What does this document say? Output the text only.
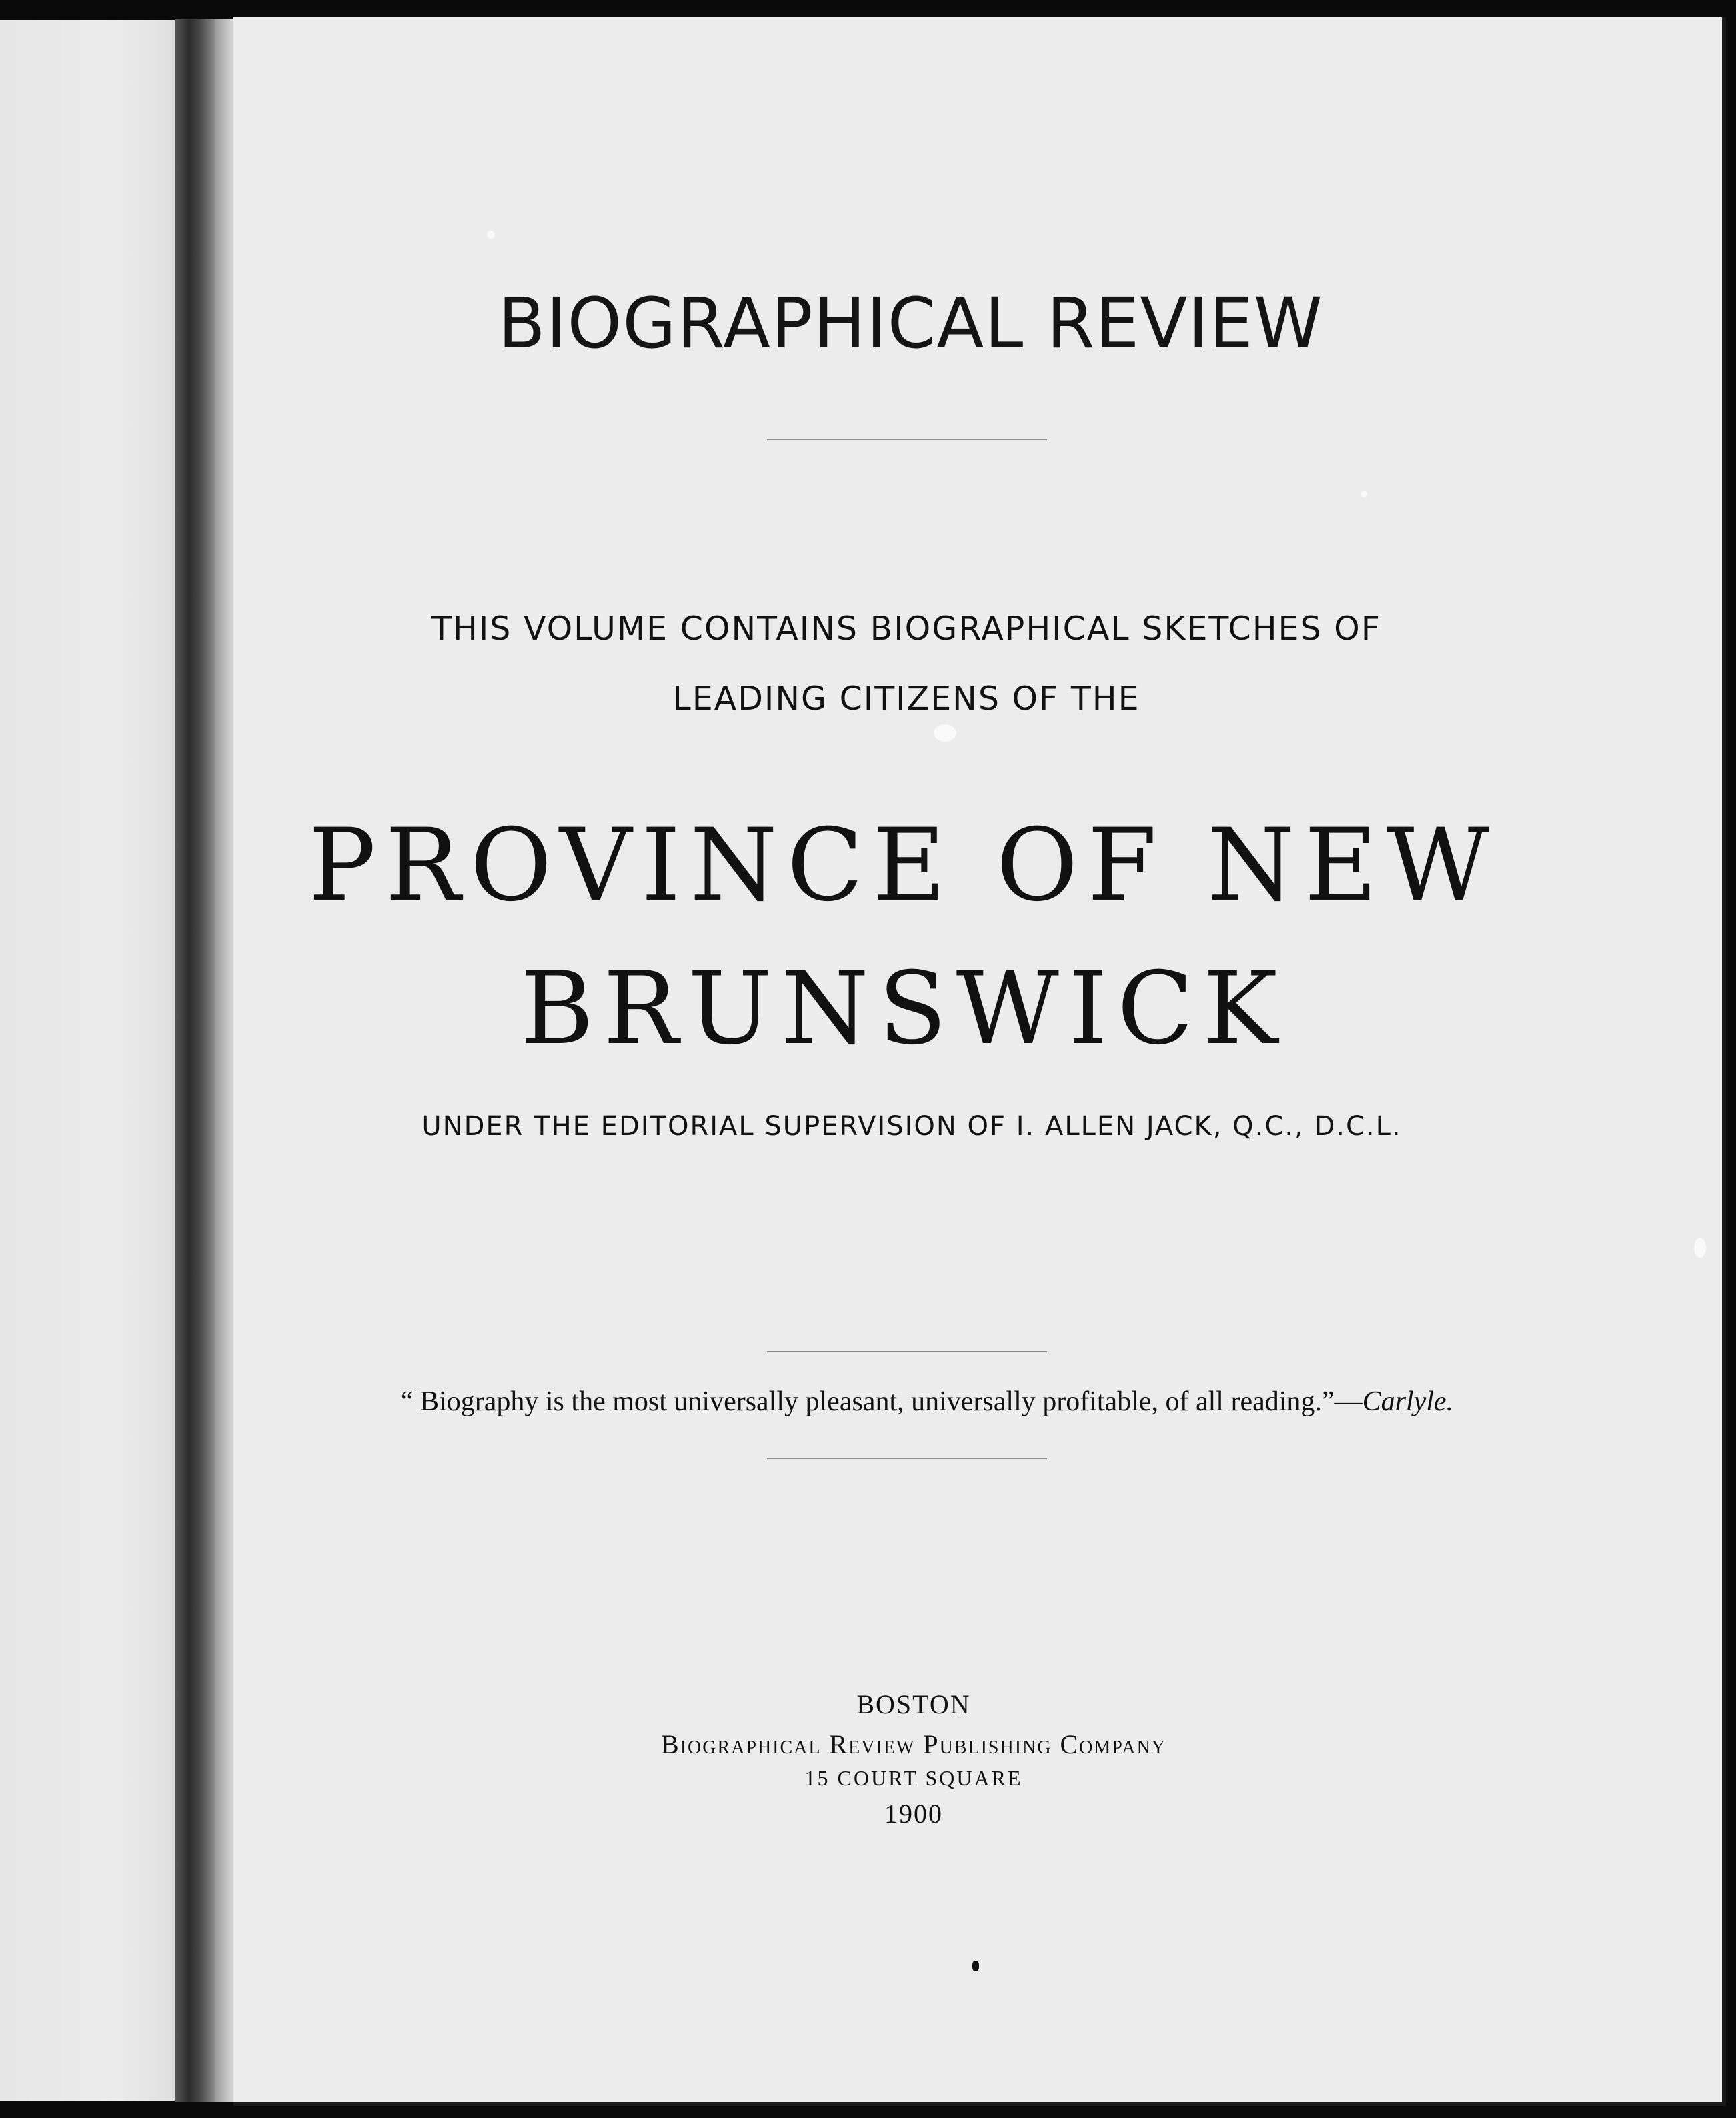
BIOGRAPHICAL REVIEW
THIS VOLUME CONTAINS BIOGRAPHICAL SKETCHES OF
LEADING CITIZENS OF THE
PROVINCE OF NEW
BRUNSWICK
UNDER THE EDITORIAL SUPERVISION OF I. ALLEN JACK, Q.C., D.C.L.
“ Biography is the most universally pleasant, universally profitable, of all reading.”—Carlyle.
BOSTON
Biographical Review Publishing Company
15 COURT SQUARE
1900
